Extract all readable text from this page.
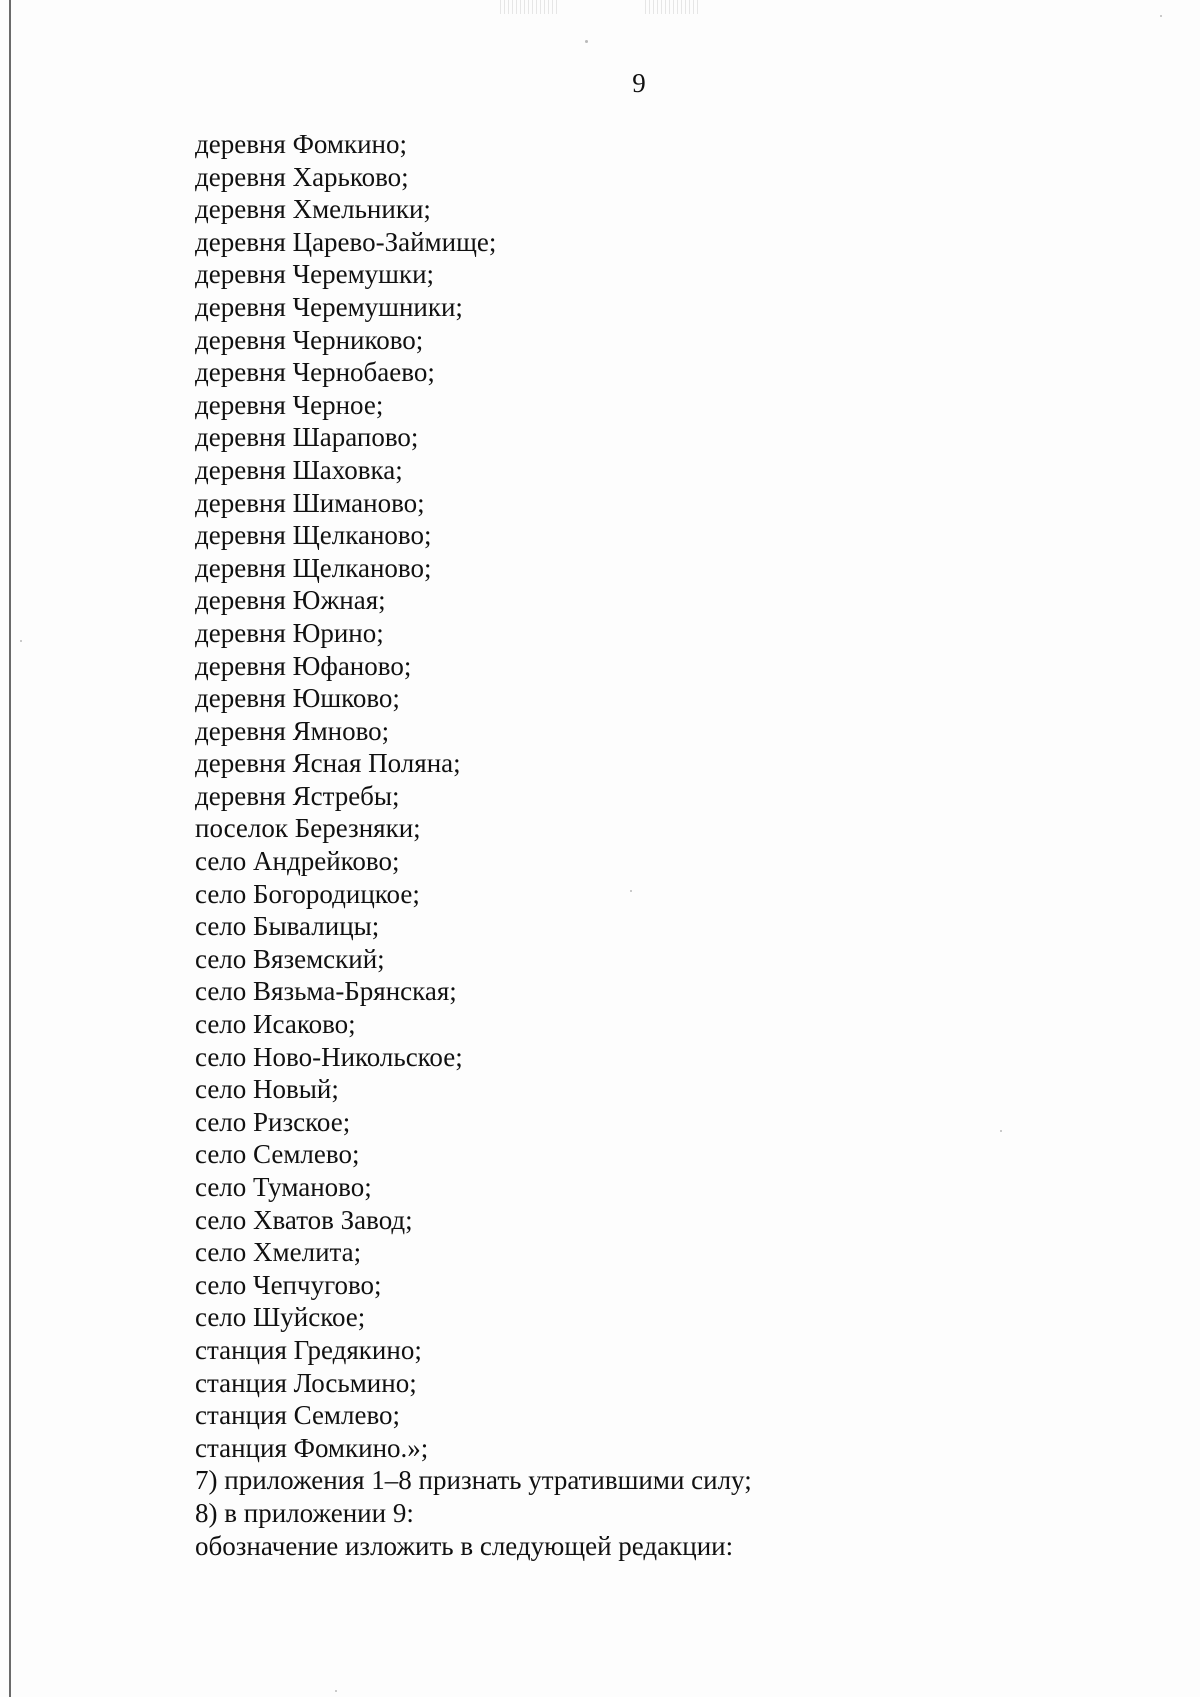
9
деревня Фомкино;
деревня Харьково;
деревня Хмельники;
деревня Царево-Займище;
деревня Черемушки;
деревня Черемушники;
деревня Черниково;
деревня Чернобаево;
деревня Черное;
деревня Шарапово;
деревня Шаховка;
деревня Шиманово;
деревня Щелканово;
деревня Щелканово;
деревня Южная;
деревня Юрино;
деревня Юфаново;
деревня Юшково;
деревня Ямново;
деревня Ясная Поляна;
деревня Ястребы;
поселок Березняки;
село Андрейково;
село Богородицкое;
село Бывалицы;
село Вяземский;
село Вязьма-Брянская;
село Исаково;
село Ново-Никольское;
село Новый;
село Ризское;
село Семлево;
село Туманово;
село Хватов Завод;
село Хмелита;
село Чепчугово;
село Шуйское;
станция Гредякино;
станция Лосьмино;
станция Семлево;
станция Фомкино.»;
7) приложения 1–8 признать утратившими силу;
8) в приложении 9:
обозначение изложить в следующей редакции:
